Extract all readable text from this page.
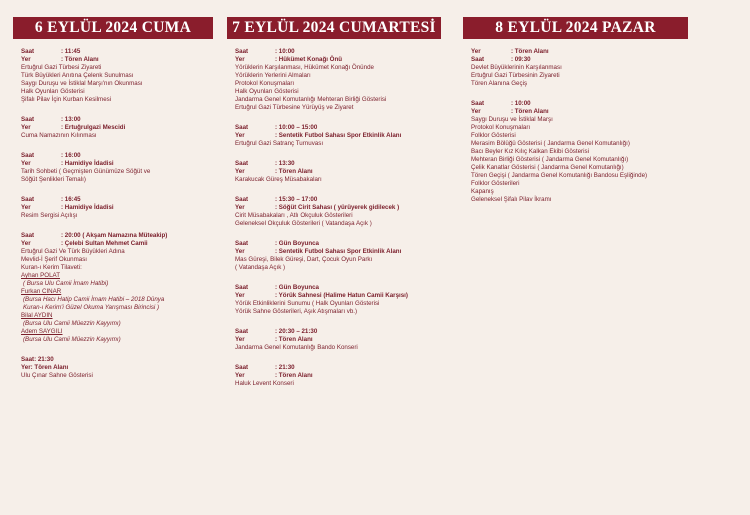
6 EYLÜL 2024 CUMA
Saat	: 11:45
Yer	: Tören Alanı
Ertuğrul Gazi Türbesi Ziyareti
Türk Büyükleri Anıtına Çelenk Sunulması
Saygı Duruşu ve İstiklal Marşı'nın Okunması
Halk Oyunları Gösterisi
Şifalı Pilav İçin Kurban Kesilmesi
Saat	: 13:00
Yer	: Ertuğrulgazi Mescidi
Cuma Namazının Kılınması
Saat	: 16:00
Yer	: Hamidiye İdadisi
Tarih Sohbeti ( Geçmişten Günümüze Söğüt ve
Söğüt Şenlikleri Temalı)
Saat	: 16:45
Yer	: Hamidiye İdadisi
Resim Sergisi Açılışı
Saat	: 20:00 ( Akşam Namazına Müteakip)
Yer	: Çelebi Sultan Mehmet Camii
Ertuğrul Gazi Ve Türk Büyükleri Adına
Mevlid-İ Şerif Okunması
Kuran-ı Kerim Tilaveti:
Ayhan POLAT
( Bursa Ulu Camii İmam Hatibi)
Furkan CINAR
(Bursa Hacı Hatip Camii İmam Hatibi – 2018 Dünya
Kuran-ı Kerim'i Güzel Okuma Yarışması Birincisi )
Bilal AYDIN
(Bursa Ulu Camii Müezzin Kayyımı)
Adem SAYGILI
(Bursa Ulu Camii Müezzin Kayyımı)
Saat: 21:30
Yer: Tören Alanı
Ulu Çınar Sahne Gösterisi
7 EYLÜL 2024 CUMARTESİ
Saat	: 10:00
Yer	: Hükümet Konağı Önü
Yörüklerin Karşılanması, Hükümet Konağı Önünde
Yörüklerin Yerlerini Almaları
Protokol Konuşmaları
Halk Oyunları Gösterisi
Jandarma Genel Komutanlığı Mehteran Birliği Gösterisi
Ertuğrul Gazi Türbesine Yürüyüş ve Ziyaret
Saat	: 10:00 – 15:00
Yer	: Sentetik Futbol Sahası Spor Etkinlik Alanı
Ertuğrul Gazi Satranç Turnuvası
Saat	: 13:30
Yer	: Tören Alanı
Karakucak Güreş Müsabakaları
Saat	: 15:30 – 17:00
Yer	: Söğüt Cirit Sahası ( yürüyerek gidilecek )
Cirit Müsabakaları , Atlı Okçuluk Gösterileri
Geleneksel Okçuluk Gösterileri ( Vatandaşa Açık )
Saat	: Gün Boyunca
Yer	: Sentetik Futbol Sahası Spor Etkinlik Alanı
Mas Güreşi, Bilek Güreşi, Dart, Çocuk Oyun Parkı
( Vatandaşa Açık )
Saat	: Gün Boyunca
Yer	: Yörük Sahnesi (Halime Hatun Camii Karşısı)
Yörük Etkinliklerini Sunumu ( Halk Oyunları Gösterisi
Yörük Sahne Gösterileri, Aşık Atışmaları vb.)
Saat	: 20:30 – 21:30
Yer	: Tören Alanı
Jandarma Genel Komutanlığı Bando Konseri
Saat	: 21:30
Yer	: Tören Alanı
Haluk Levent Konseri
8 EYLÜL 2024 PAZAR
Yer	: Tören Alanı
Saat	: 09:30
Devlet Büyüklerinin Karşılanması
Ertuğrul Gazi Türbesinin Ziyareti
Tören Alanına Geçiş
Saat	: 10:00
Yer	: Tören Alanı
Saygı Duruşu ve İstiklal Marşı
Protokol Konuşmaları
Folklor Gösterisi
Merasim Bölüğü Gösterisi ( Jandarma Genel Komutanlığı)
Bacı Beyler Kız Kılıç Kalkan Ekibi Gösterisi
Mehteran Birliği Gösterisi ( Jandarma Genel Komutanlığı)
Çelik Kanatlar Gösterisi ( Jandarma Genel Komutanlığı)
Tören Geçişi ( Jandarma Genel Komutanlığı Bandosu Eşliğinde)
Folklor Gösterileri
Kapanış
Geleneksel Şifalı Pilav İkramı
